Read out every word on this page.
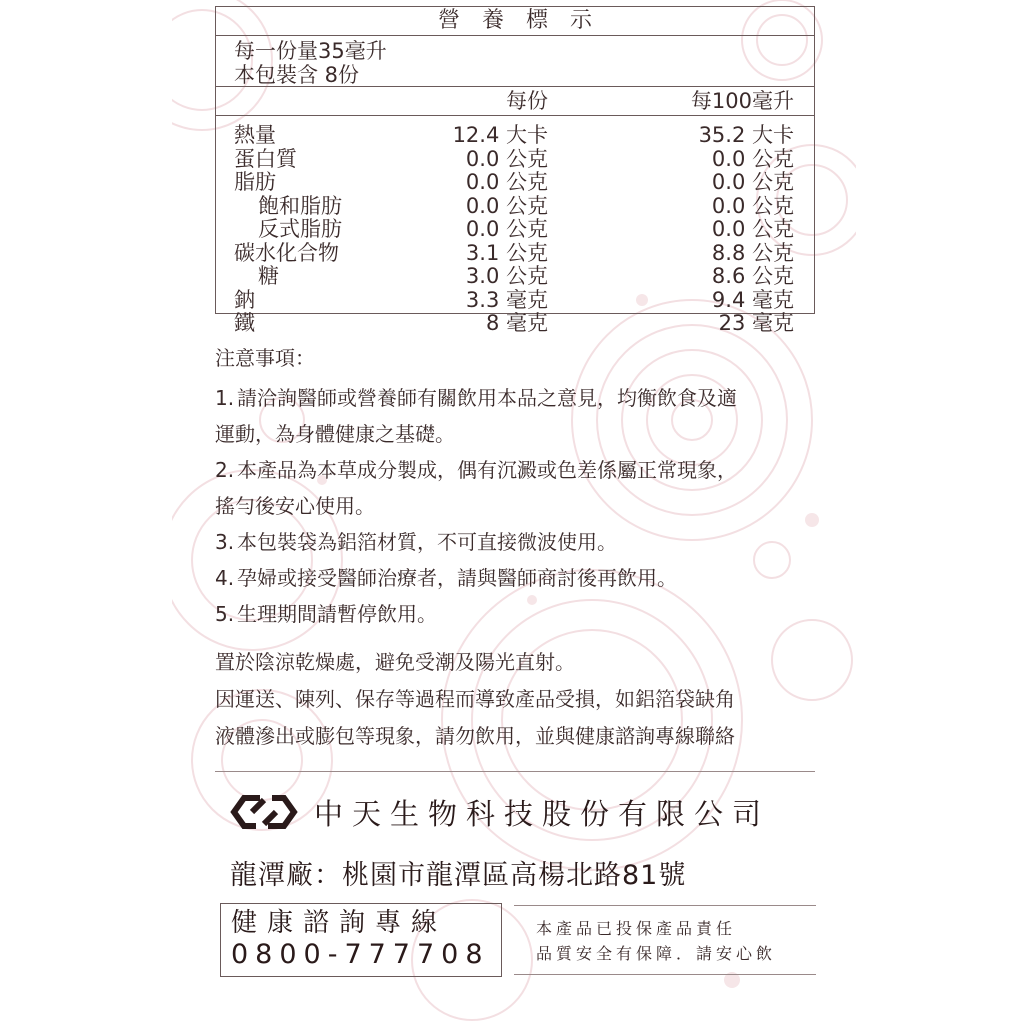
營養標示
每一份量35毫升
本包裝含 8份
每份	每100毫升
熱量	12.4 大卡	35.2 大卡
蛋白質	0.0 公克	0.0 公克
脂肪	0.0 公克	0.0 公克
飽和脂肪	0.0 公克	0.0 公克
反式脂肪	0.0 公克	0.0 公克
碳水化合物	3.1 公克	8.8 公克
糖	3.0 公克	8.6 公克
鈉	3.3 毫克	9.4 毫克
鐵	8 毫克	23 毫克
注意事項：
1. 請洽詢醫師或營養師有關飲用本品之意見，均衡飲食及適
運動，為身體健康之基礎。
2. 本產品為本草成分製成，偶有沉澱或色差係屬正常現象，
搖勻後安心使用。
3. 本包裝袋為鋁箔材質，不可直接微波使用。
4. 孕婦或接受醫師治療者，請與醫師商討後再飲用。
5. 生理期間請暫停飲用。
置於陰涼乾燥處，避免受潮及陽光直射。
因運送、陳列、保存等過程而導致產品受損，如鋁箔袋缺角
液體滲出或膨包等現象，請勿飲用，並與健康諮詢專線聯絡
中天生物科技股份有限公司
龍潭廠：桃園市龍潭區高楊北路81號
健康諮詢專線
0800-777708
本產品已投保產品責任
品質安全有保障．請安心飲
